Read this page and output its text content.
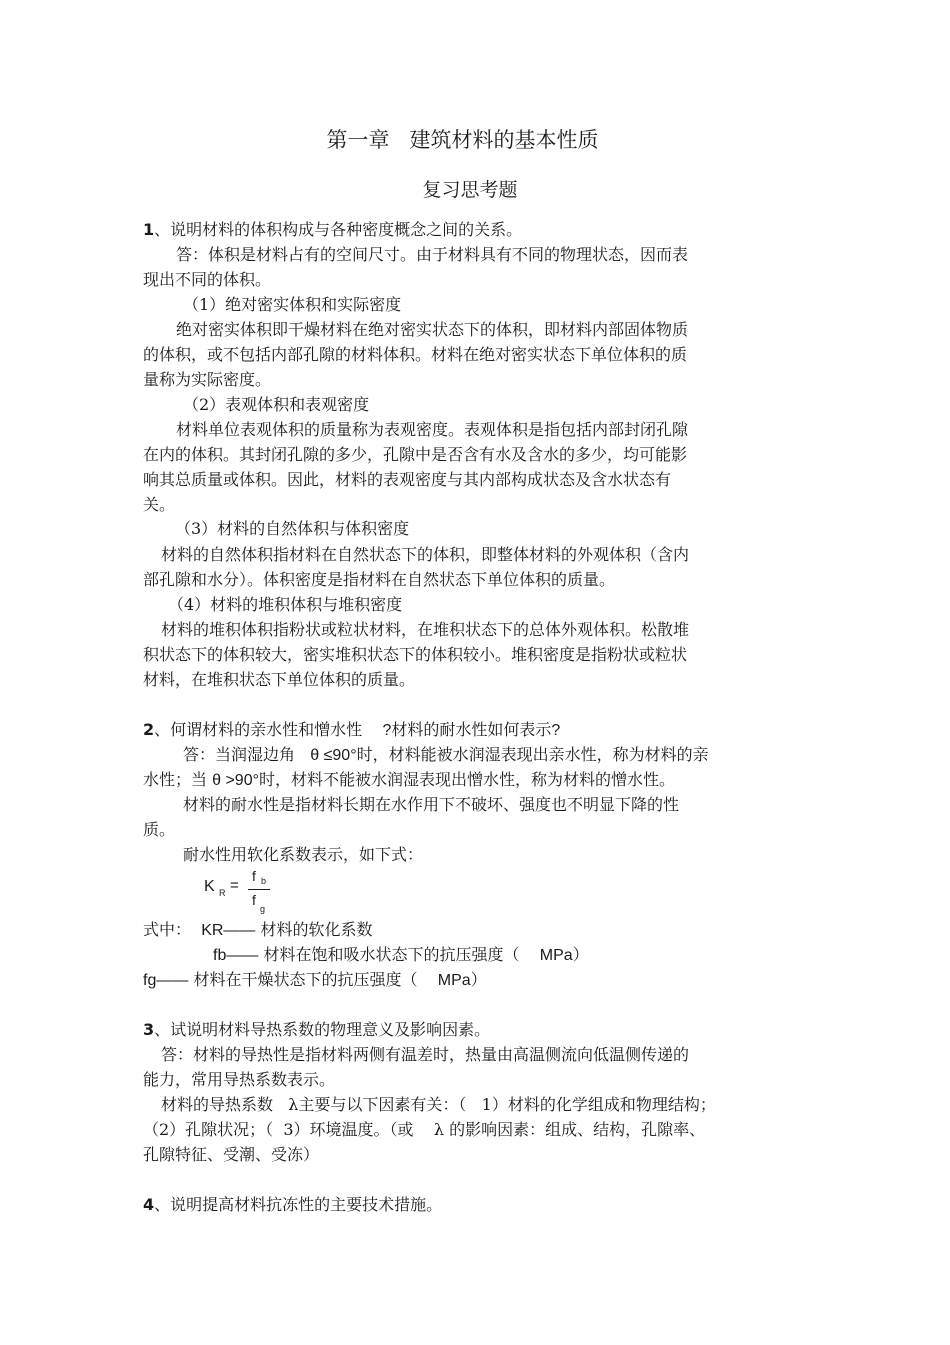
第一章   建筑材料的基本性质
复习思考题
1、说明材料的体积构成与各种密度概念之间的关系。
答：体积是材料占有的空间尺寸。由于材料具有不同的物理状态，因而表
现出不同的体积。
（1）绝对密实体积和实际密度
绝对密实体积即干燥材料在绝对密实状态下的体积，即材料内部固体物质
的体积，或不包括内部孔隙的材料体积。材料在绝对密实状态下单位体积的质
量称为实际密度。
（2）表观体积和表观密度
材料单位表观体积的质量称为表观密度。表观体积是指包括内部封闭孔隙
在内的体积。其封闭孔隙的多少，孔隙中是否含有水及含水的多少，均可能影
响其总质量或体积。因此，材料的表观密度与其内部构成状态及含水状态有
关。
（3）材料的自然体积与体积密度
材料的自然体积指材料在自然状态下的体积，即整体材料的外观体积（含内
部孔隙和水分）。体积密度是指材料在自然状态下单位体积的质量。
（4）材料的堆积体积与堆积密度
材料的堆积体积指粉状或粒状材料，在堆积状态下的总体外观体积。松散堆
积状态下的体积较大，密实堆积状态下的体积较小。堆积密度是指粉状或粒状
材料，在堆积状态下单位体积的质量。
2、何谓材料的亲水性和憎水性 ?材料的耐水性如何表示?
答：当润湿边角 θ ≤90°时，材料能被水润湿表现出亲水性，称为材料的亲
水性；当 θ >90°时，材料不能被水润湿表现出憎水性，称为材料的憎水性。
材料的耐水性是指材料长期在水作用下不破坏、强度也不明显下降的性
质。
耐水性用软化系数表示，如下式：
K R =
f b
f
g
式中： KR—— 材料的软化系数
fb—— 材料在饱和吸水状态下的抗压强度（ MPa）
fg—— 材料在干燥状态下的抗压强度（ MPa）
3、试说明材料导热系数的物理意义及影响因素。
答：材料的导热性是指材料两侧有温差时，热量由高温侧流向低温侧传递的
能力，常用导热系数表示。
材料的导热系数   λ主要与以下因素有关：（   1）材料的化学组成和物理结构；
（2）孔隙状况；（  3）环境温度。（或    λ 的影响因素：组成、结构，孔隙率、
孔隙特征、受潮、受冻）
4、说明提高材料抗冻性的主要技术措施。
